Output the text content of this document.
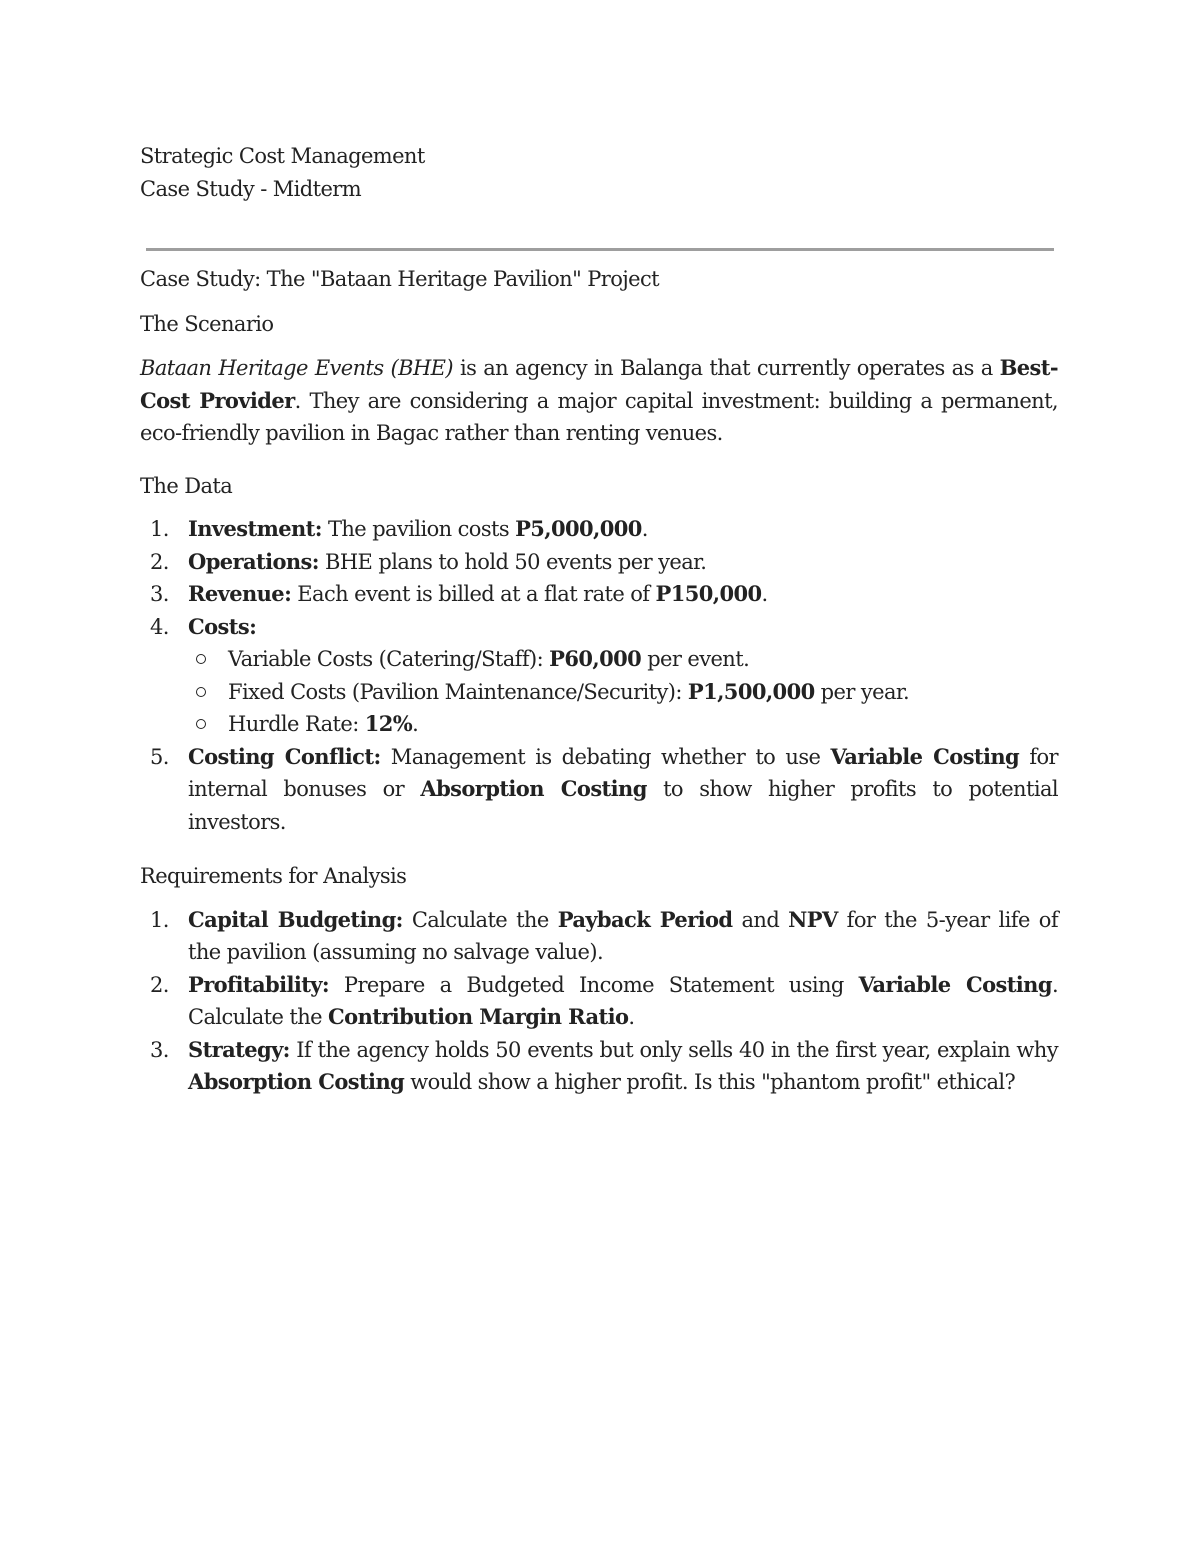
Strategic Cost Management
Case Study - Midterm
Case Study: The "Bataan Heritage Pavilion" Project
The Scenario
Bataan Heritage Events (BHE) is an agency in Balanga that currently operates as a Best-Cost Provider. They are considering a major capital investment: building a permanent, eco-friendly pavilion in Bagac rather than renting venues.
The Data
1. Investment: The pavilion costs P5,000,000.
2. Operations: BHE plans to hold 50 events per year.
3. Revenue: Each event is billed at a flat rate of P150,000.
4. Costs:
Variable Costs (Catering/Staff): P60,000 per event.
Fixed Costs (Pavilion Maintenance/Security): P1,500,000 per year.
Hurdle Rate: 12%.
5. Costing Conflict: Management is debating whether to use Variable Costing for internal bonuses or Absorption Costing to show higher profits to potential investors.
Requirements for Analysis
1. Capital Budgeting: Calculate the Payback Period and NPV for the 5-year life of the pavilion (assuming no salvage value).
2. Profitability: Prepare a Budgeted Income Statement using Variable Costing. Calculate the Contribution Margin Ratio.
3. Strategy: If the agency holds 50 events but only sells 40 in the first year, explain why Absorption Costing would show a higher profit. Is this "phantom profit" ethical?
